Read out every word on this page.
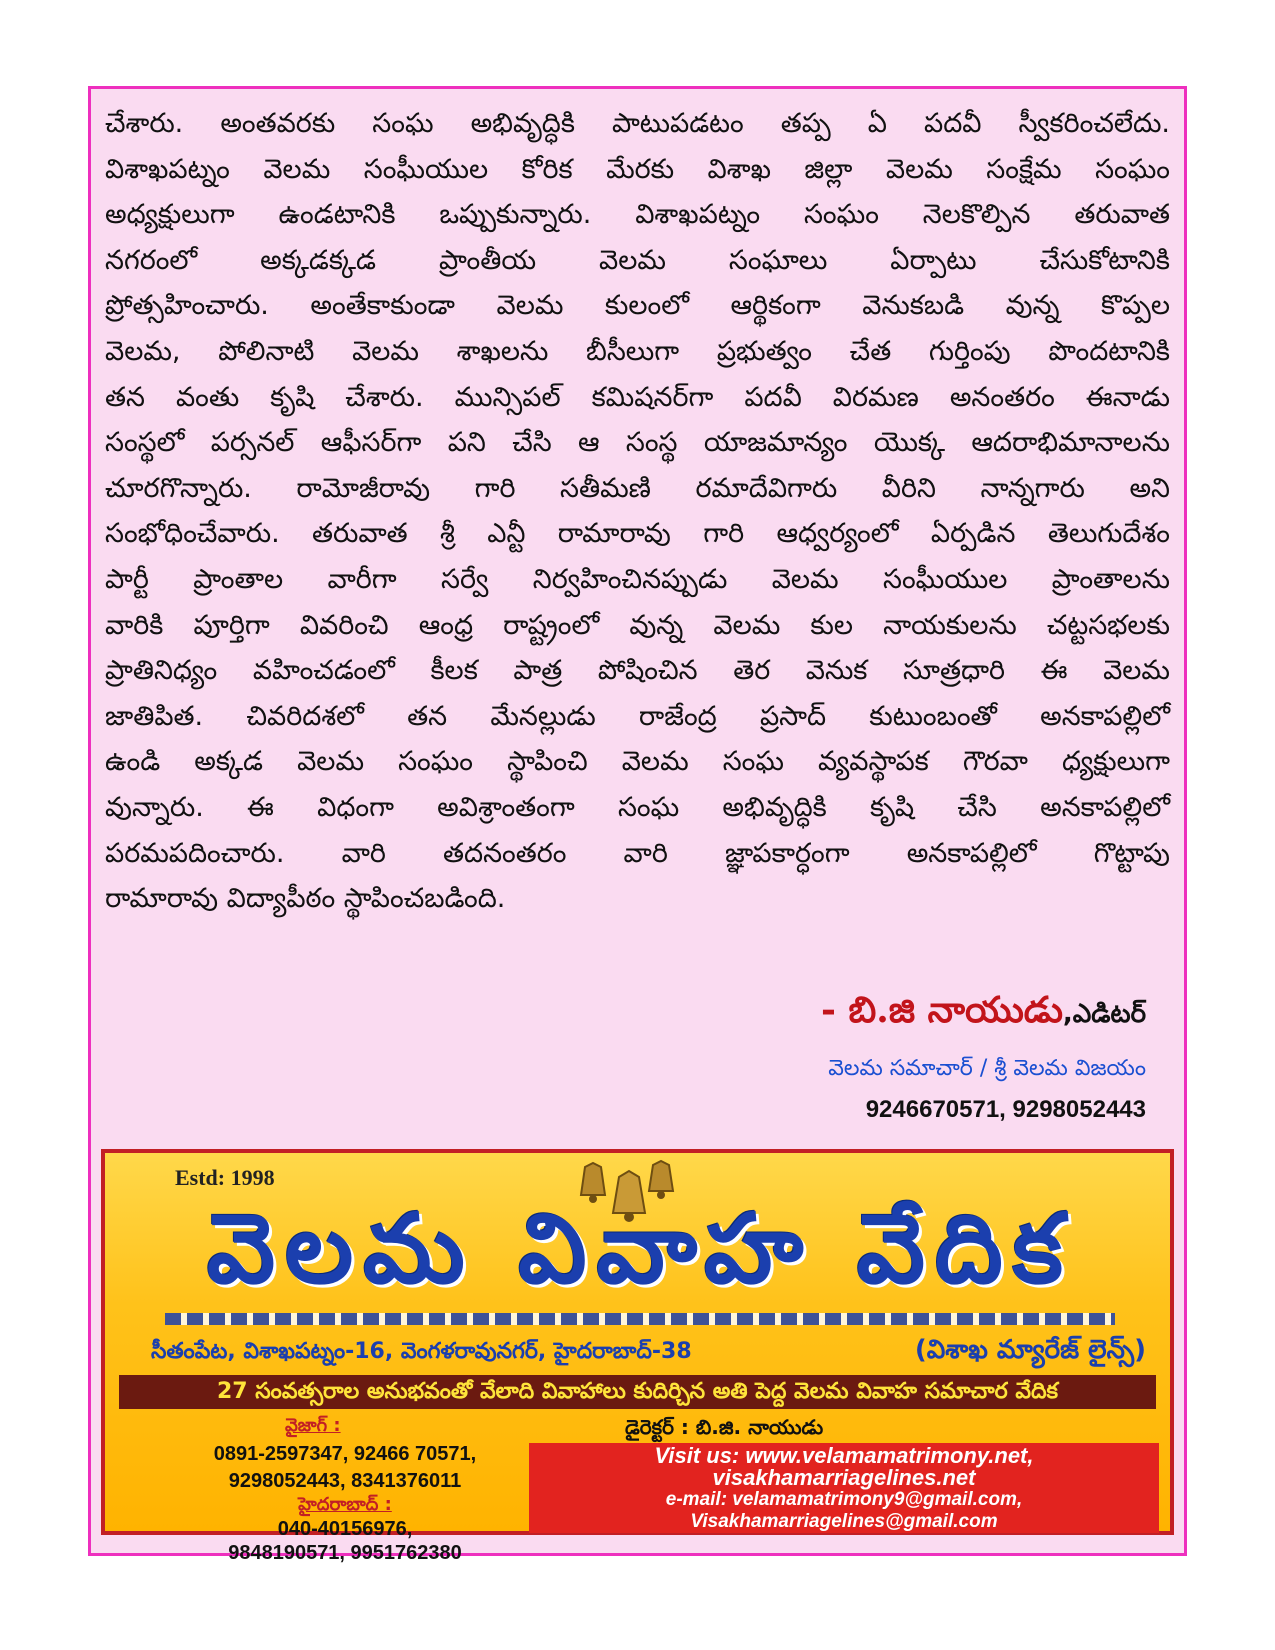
చేశారు. అంతవరకు సంఘ అభివృద్ధికి పాటుపడటం తప్ప ఏ పదవీ స్వీకరించలేదు.
విశాఖపట్నం వెలమ సంఘీయుల కోరిక మేరకు విశాఖ జిల్లా వెలమ సంక్షేమ సంఘం
అధ్యక్షులుగా ఉండటానికి ఒప్పుకున్నారు. విశాఖపట్నం సంఘం నెలకొల్పిన తరువాత
నగరంలో అక్కడక్కడ ప్రాంతీయ వెలమ సంఘాలు ఏర్పాటు చేసుకోటానికి
ప్రోత్సహించారు. అంతేకాకుండా వెలమ కులంలో ఆర్థికంగా వెనుకబడి వున్న కొప్పల
వెలమ, పోలినాటి వెలమ శాఖలను బీసీలుగా ప్రభుత్వం చేత గుర్తింపు పొందటానికి
తన వంతు కృషి చేశారు. మున్సిపల్ కమిషనర్‌గా పదవీ విరమణ అనంతరం ఈనాడు
సంస్థలో పర్సనల్ ఆఫీసర్‌గా పని చేసి ఆ సంస్థ యాజమాన్యం యొక్క ఆదరాభిమానాలను
చూరగొన్నారు. రామోజీరావు గారి సతీమణి రమాదేవిగారు వీరిని నాన్నగారు అని
సంభోధించేవారు. తరువాత శ్రీ ఎన్టీ రామారావు గారి ఆధ్వర్యంలో ఏర్పడిన తెలుగుదేశం
పార్టీ ప్రాంతాల వారీగా సర్వే నిర్వహించినప్పుడు వెలమ సంఘీయుల ప్రాంతాలను
వారికి పూర్తిగా వివరించి ఆంధ్ర రాష్ట్రంలో వున్న వెలమ కుల నాయకులను చట్టసభలకు
ప్రాతినిధ్యం వహించడంలో కీలక పాత్ర పోషించిన తెర వెనుక సూత్రధారి ఈ వెలమ
జాతిపిత. చివరిదశలో తన మేనల్లుడు రాజేంద్ర ప్రసాద్ కుటుంబంతో అనకాపల్లిలో
ఉండి అక్కడ వెలమ సంఘం స్థాపించి వెలమ సంఘ వ్యవస్థాపక గౌరవా ధ్యక్షులుగా
వున్నారు. ఈ విధంగా అవిశ్రాంతంగా సంఘ అభివృద్ధికి కృషి చేసి అనకాపల్లిలో
పరమపదించారు. వారి తదనంతరం వారి జ్ఞాపకార్ధంగా అనకాపల్లిలో గొట్టాపు
రామారావు విద్యాపీఠం స్థాపించబడింది.
- బి.జి నాయుడు,ఎడిటర్
వెలమ సమాచార్ / శ్రీ వెలమ విజయం
9246670571, 9298052443
Estd: 1998
వెలమ వివాహ వేదిక
సీతంపేట, విశాఖపట్నం-16, వెంగళరావునగర్, హైదరాబాద్-38	(విశాఖ మ్యారేజ్ లైన్స్)
27 సంవత్సరాల అనుభవంతో వేలాది వివాహాలు కుదిర్చిన అతి పెద్ద వెలమ వివాహ సమాచార వేదిక
వైజాగ్ :	డైరెక్టర్ : బి.జి. నాయుడు
0891-2597347, 92466 70571,
9298052443, 8341376011
హైదరాబాద్ :
040-40156976,
9848190571, 9951762380
Visit us: www.velamamatrimony.net,
visakhamarriagelines.net
e-mail: velamamatrimony9@gmail.com,
Visakhamarriagelines@gmail.com
